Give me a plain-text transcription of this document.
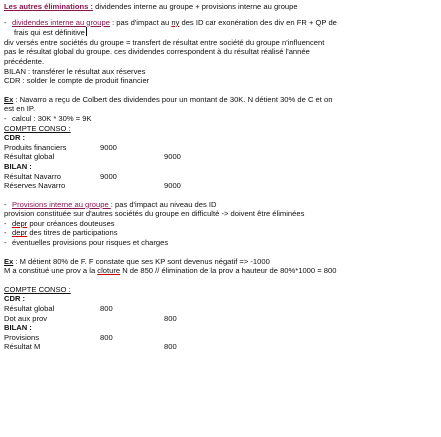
Les autres éliminations : dividendes interne au groupe + provisions interne au groupe
- dividendes interne au groupe : pas d'impact au ny des ID car exonération des div en FR + QP de
frais qui est définitive
div versés entre sociétés du groupe = transfert de résultat entre société du groupe n'influencent
pas le résultat global du groupe. ces dividendes correspondent à du résultat réalisé l'année
précédente.
BILAN : transférer le résultat aux réserves
CDR : solder le compte de produit financier
Ex : Navarro a reçu de Colbert des dividendes pour un montant de 30K. N détient 30% de C et on
est en IP.
- calcul : 30K * 30% = 9K
COMPTE CONSO :
CDR :
Produits financiers	9000
Résultat global	9000
BILAN :
Résultat Navarro	9000
Réserves Navarro	9000
- Provisions interne au groupe : pas d'impact au niveau des ID
provision constituée sur d'autres sociétés du groupe en difficulté -> doivent être éliminées
- depr pour créances douteuses
- depr des titres de participations
- éventuelles provisions pour risques et charges
Ex : M détient 80% de F. F constate que ses KP sont devenus négatif => -1000
M a constitué une prov a la cloture N de 850 // élimination de la prov a hauteur de 80%*1000 = 800
COMPTE CONSO :
CDR :
Résultat global	800
Dot aux prov	800
BILAN :
Provisions	800
Résultat M	800
